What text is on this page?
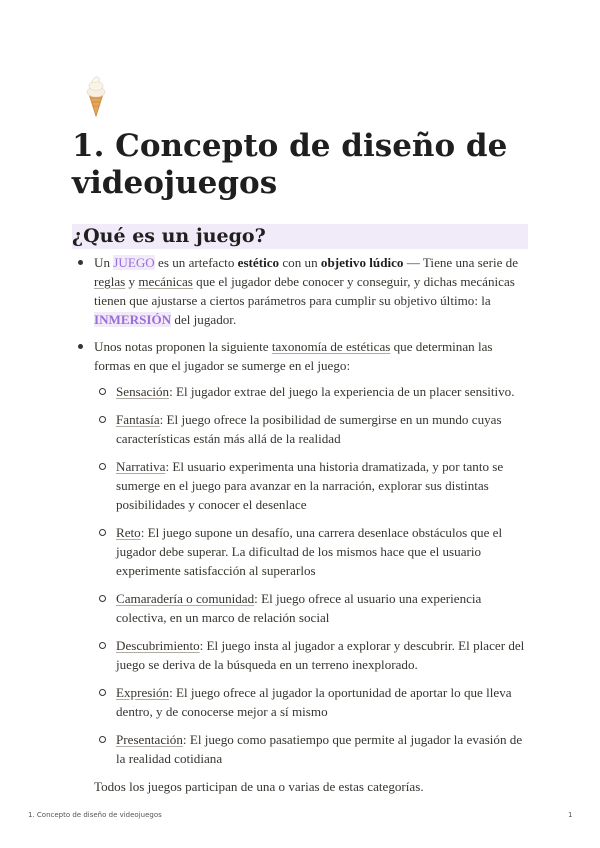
1. Concepto de diseño de videojuegos
¿Qué es un juego?
Un JUEGO es un artefacto estético con un objetivo lúdico — Tiene una serie de reglas y mecánicas que el jugador debe conocer y conseguir, y dichas mecánicas tienen que ajustarse a ciertos parámetros para cumplir su objetivo último: la INMERSIÓN del jugador.
Unos notas proponen la siguiente taxonomía de estéticas que determinan las formas en que el jugador se sumerge en el juego:
Sensación: El jugador extrae del juego la experiencia de un placer sensitivo.
Fantasía: El juego ofrece la posibilidad de sumergirse en un mundo cuyas características están más allá de la realidad
Narrativa: El usuario experimenta una historia dramatizada, y por tanto se sumerge en el juego para avanzar en la narración, explorar sus distintas posibilidades y conocer el desenlace
Reto: El juego supone un desafío, una carrera desenlace obstáculos que el jugador debe superar. La dificultad de los mismos hace que el usuario experimente satisfacción al superarlos
Camaradería o comunidad: El juego ofrece al usuario una experiencia colectiva, en un marco de relación social
Descubrimiento: El juego insta al jugador a explorar y descubrir. El placer del juego se deriva de la búsqueda en un terreno inexplorado.
Expresión: El juego ofrece al jugador la oportunidad de aportar lo que lleva dentro, y de conocerse mejor a sí mismo
Presentación: El juego como pasatiempo que permite al jugador la evasión de la realidad cotidiana

Todos los juegos participan de una o varias de estas categorías.

1. Concepto de diseño de videojuegos	1
